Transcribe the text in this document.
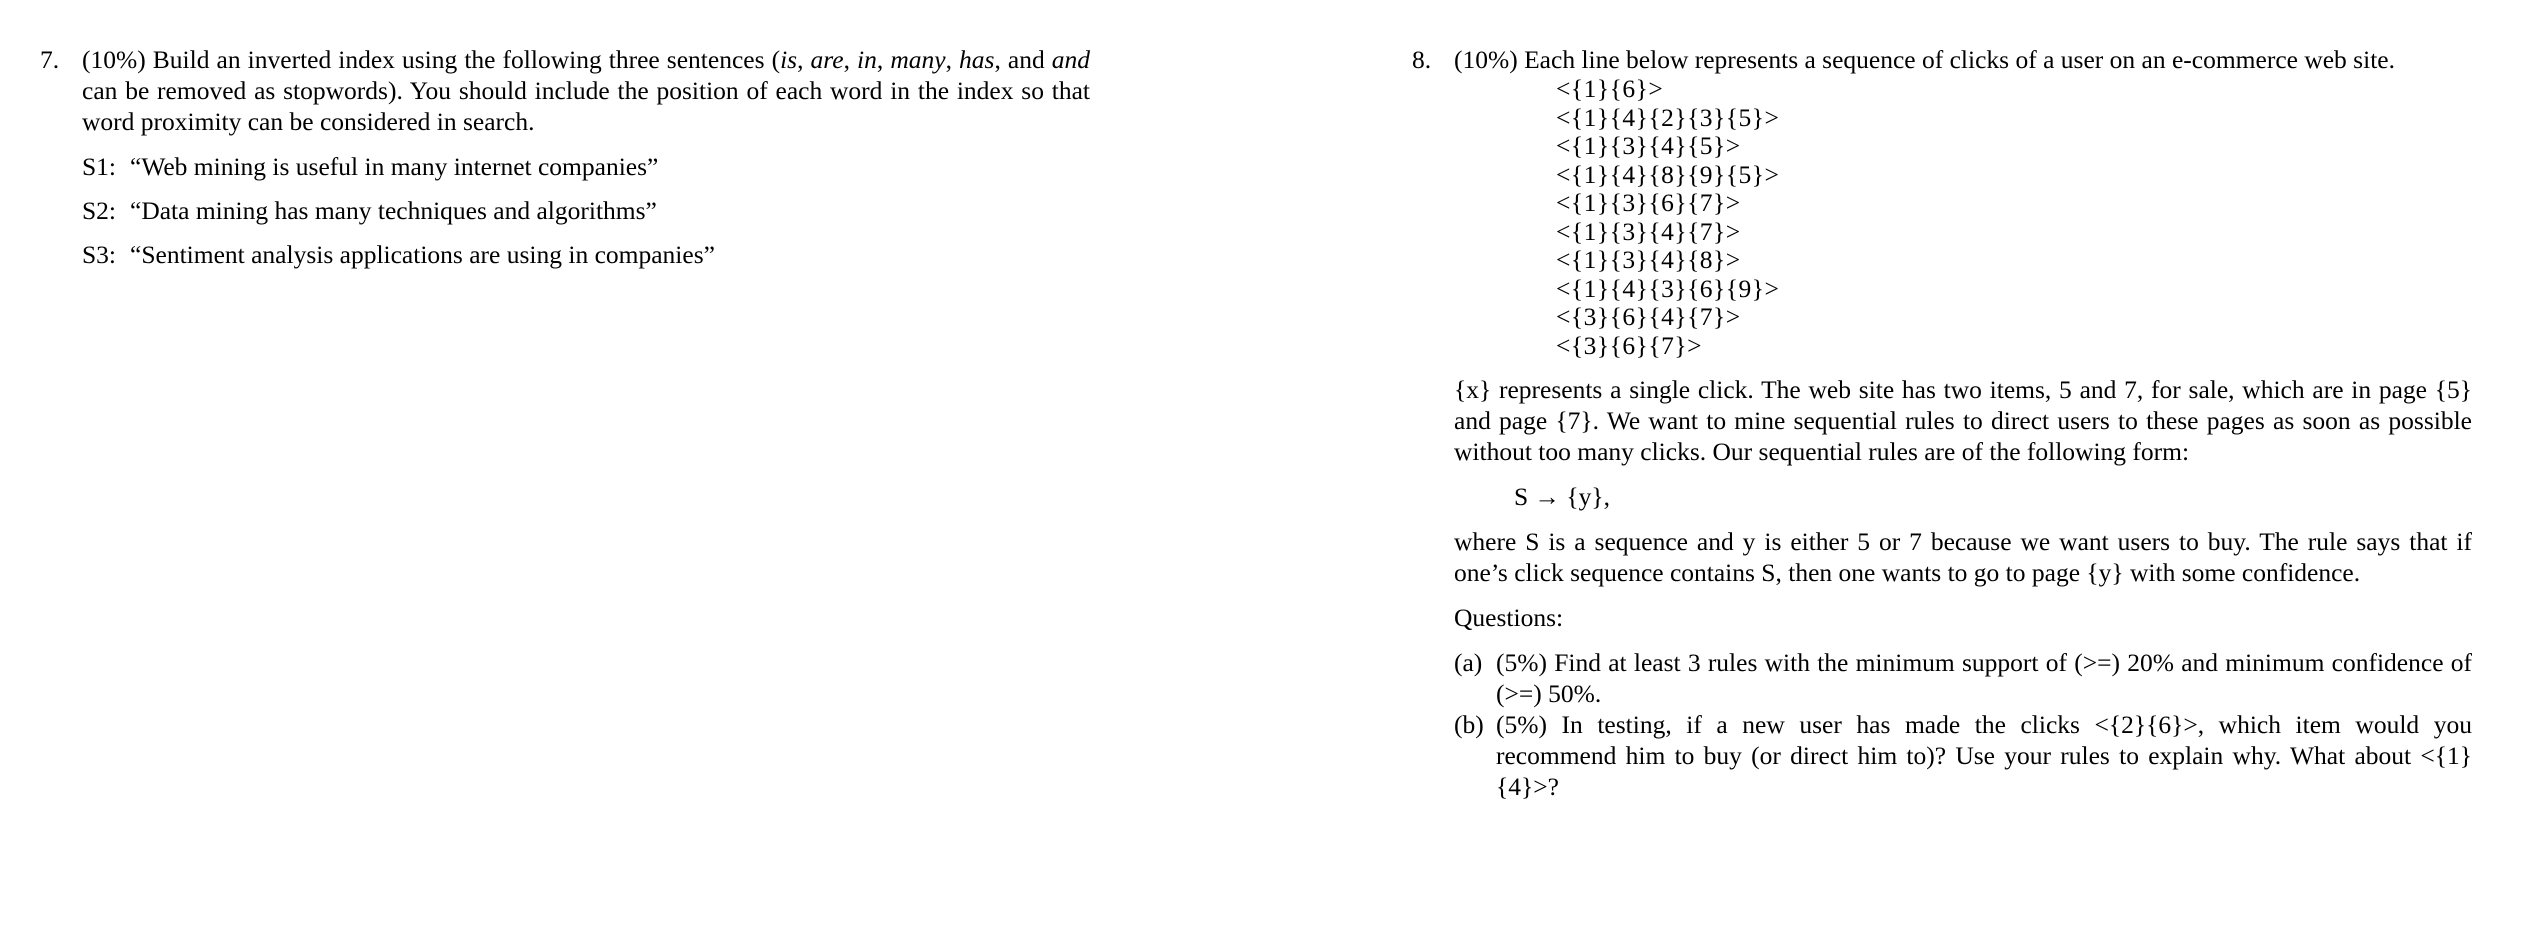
7. (10%) Build an inverted index using the following three sentences (is, are, in, many, has, and and can be removed as stopwords). You should include the position of each word in the index so that word proximity can be considered in search.
S1: “Web mining is useful in many internet companies”
S2: “Data mining has many techniques and algorithms”
S3: “Sentiment analysis applications are using in companies”
8. (10%) Each line below represents a sequence of clicks of a user on an e-commerce web site.
<{1}{6}>
<{1}{4}{2}{3}{5}>
<{1}{3}{4}{5}>
<{1}{4}{8}{9}{5}>
<{1}{3}{6}{7}>
<{1}{3}{4}{7}>
<{1}{3}{4}{8}>
<{1}{4}{3}{6}{9}>
<{3}{6}{4}{7}>
<{3}{6}{7}>

{x} represents a single click. The web site has two items, 5 and 7, for sale, which are in page {5} and page {7}. We want to mine sequential rules to direct users to these pages as soon as possible without too many clicks. Our sequential rules are of the following form:

S → {y},

where S is a sequence and y is either 5 or 7 because we want users to buy. The rule says that if one’s click sequence contains S, then one wants to go to page {y} with some confidence.

Questions:

(a) (5%) Find at least 3 rules with the minimum support of (>=) 20% and minimum confidence of (>=) 50%.
(b) (5%) In testing, if a new user has made the clicks <{2}{6}>, which item would you recommend him to buy (or direct him to)? Use your rules to explain why. What about <{1}{4}>?
